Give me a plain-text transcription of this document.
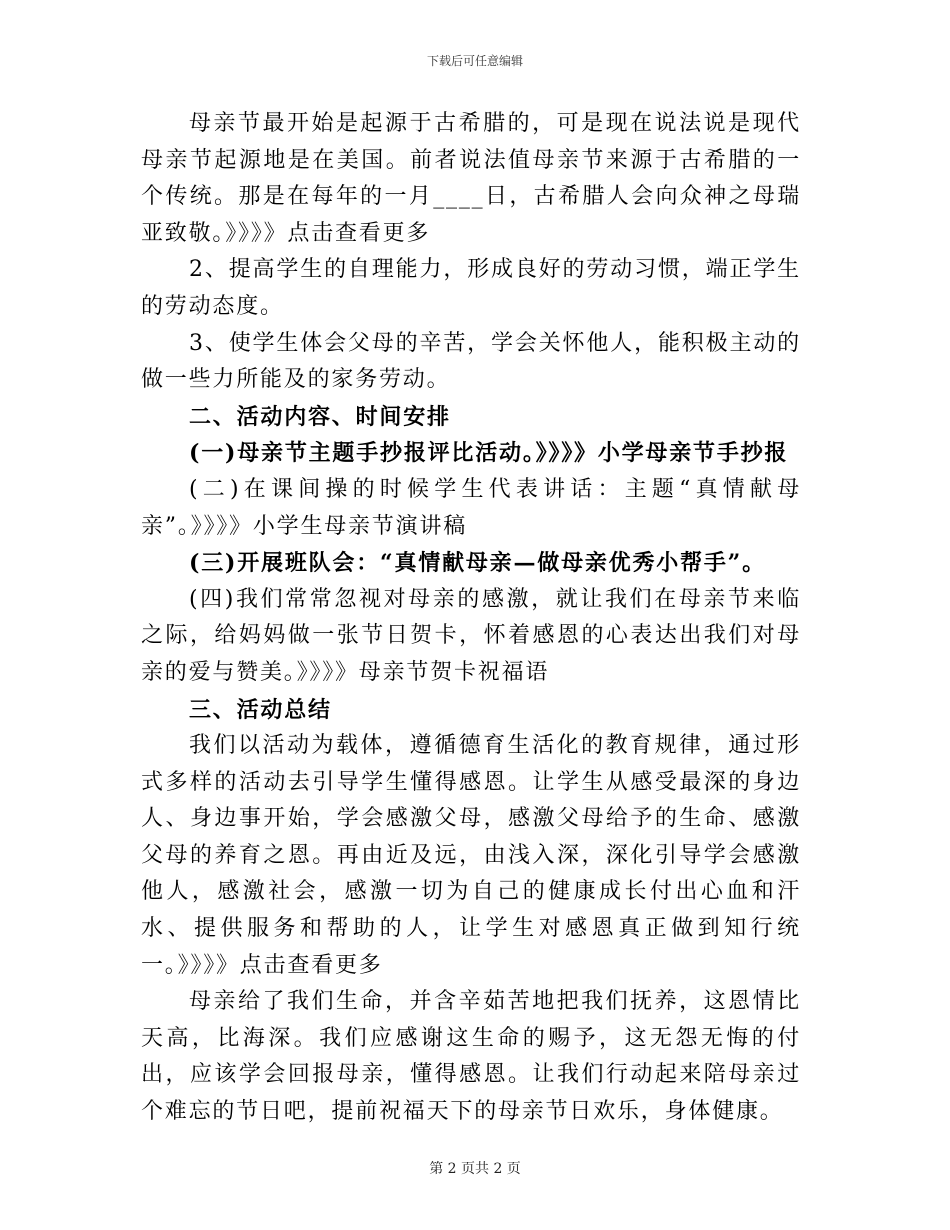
下载后可任意编辑

母亲节最开始是起源于古希腊的，可是现在说法说是现代母亲节起源地是在美国。前者说法值母亲节来源于古希腊的一个传统。那是在每年的一月____日，古希腊人会向众神之母瑞亚致敬。》》》》点击查看更多

2、提高学生的自理能力，形成良好的劳动习惯，端正学生的劳动态度。

3、使学生体会父母的辛苦，学会关怀他人，能积极主动的做一些力所能及的家务劳动。

二、活动内容、时间安排

(一)母亲节主题手抄报评比活动。》》》》小学母亲节手抄报

(二)在课间操的时候学生代表讲话：主题“真情献母亲”。》》》》小学生母亲节演讲稿

(三)开展班队会：“真情献母亲—做母亲优秀小帮手”。

(四)我们常常忽视对母亲的感激，就让我们在母亲节来临之际，给妈妈做一张节日贺卡，怀着感恩的心表达出我们对母亲的爱与赞美。》》》》母亲节贺卡祝福语

三、活动总结

我们以活动为载体，遵循德育生活化的教育规律，通过形式多样的活动去引导学生懂得感恩。让学生从感受最深的身边人、身边事开始，学会感激父母，感激父母给予的生命、感激父母的养育之恩。再由近及远，由浅入深，深化引导学会感激他人，感激社会，感激一切为自己的健康成长付出心血和汗水、提供服务和帮助的人，让学生对感恩真正做到知行统一。》》》》点击查看更多

母亲给了我们生命，并含辛茹苦地把我们抚养，这恩情比天高，比海深。我们应感谢这生命的赐予，这无怨无悔的付出，应该学会回报母亲，懂得感恩。让我们行动起来陪母亲过个难忘的节日吧，提前祝福天下的母亲节日欢乐，身体健康。

第 2 页共 2 页
